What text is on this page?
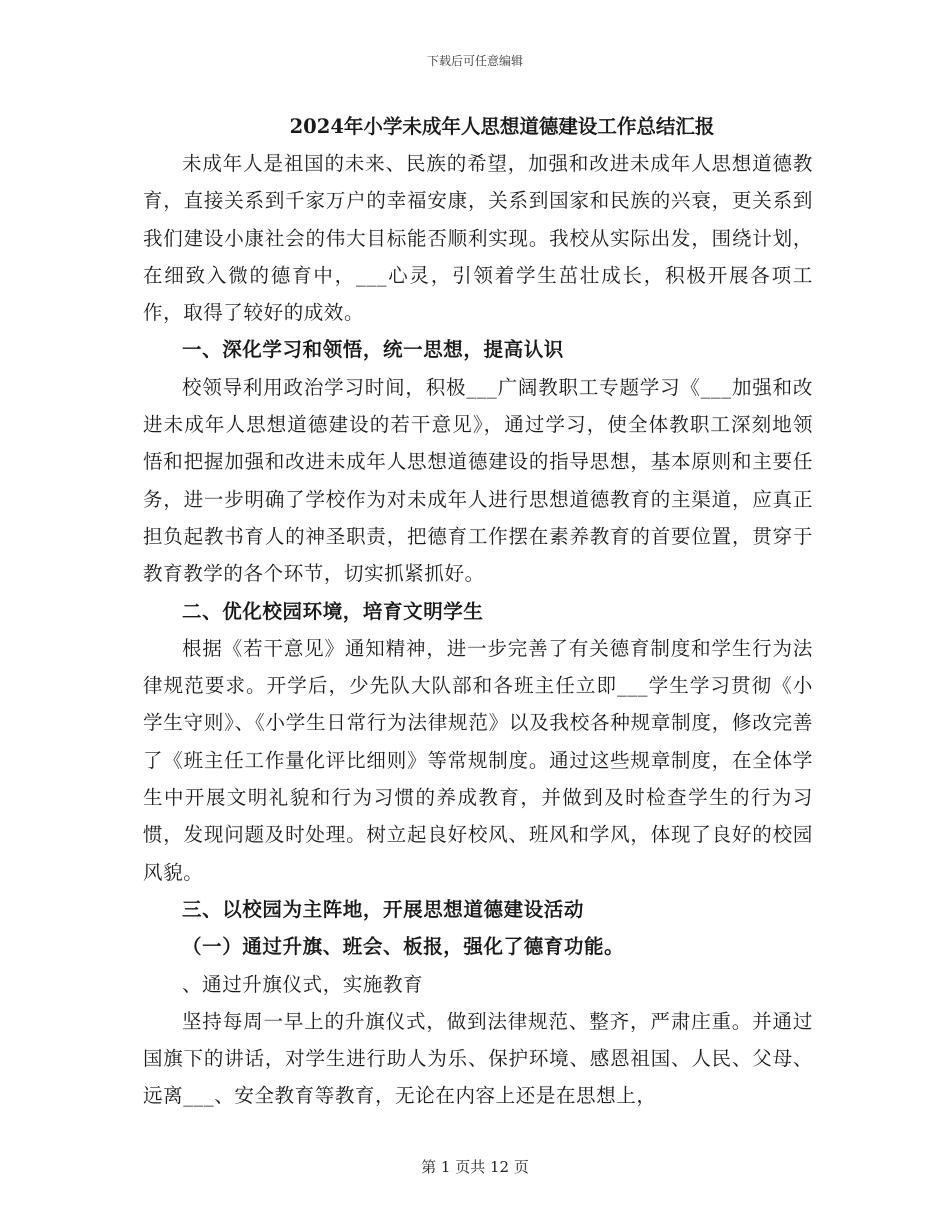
下载后可任意编辑
2024年小学未成年人思想道德建设工作总结汇报

未成年人是祖国的未来、民族的希望，加强和改进未成年人思想道德教育，直接关系到千家万户的幸福安康，关系到国家和民族的兴衰，更关系到我们建设小康社会的伟大目标能否顺利实现。我校从实际出发，围绕计划，在细致入微的德育中，___心灵，引领着学生茁壮成长，积极开展各项工作，取得了较好的成效。

一、深化学习和领悟，统一思想，提高认识

校领导利用政治学习时间，积极___广阔教职工专题学习《___加强和改进未成年人思想道德建设的若干意见》，通过学习，使全体教职工深刻地领悟和把握加强和改进未成年人思想道德建设的指导思想，基本原则和主要任务，进一步明确了学校作为对未成年人进行思想道德教育的主渠道，应真正担负起教书育人的神圣职责，把德育工作摆在素养教育的首要位置，贯穿于教育教学的各个环节，切实抓紧抓好。

二、优化校园环境，培育文明学生

根据《若干意见》通知精神，进一步完善了有关德育制度和学生行为法律规范要求。开学后，少先队大队部和各班主任立即___学生学习贯彻《小学生守则》、《小学生日常行为法律规范》以及我校各种规章制度，修改完善了《班主任工作量化评比细则》等常规制度。通过这些规章制度，在全体学生中开展文明礼貌和行为习惯的养成教育，并做到及时检查学生的行为习惯，发现问题及时处理。树立起良好校风、班风和学风，体现了良好的校园风貌。

三、以校园为主阵地，开展思想道德建设活动

（一）通过升旗、班会、板报，强化了德育功能。

、通过升旗仪式，实施教育

坚持每周一早上的升旗仪式，做到法律规范、整齐，严肃庄重。并通过国旗下的讲话，对学生进行助人为乐、保护环境、感恩祖国、人民、父母、远离___、安全教育等教育，无论在内容上还是在思想上，

第 1 页共 12 页
